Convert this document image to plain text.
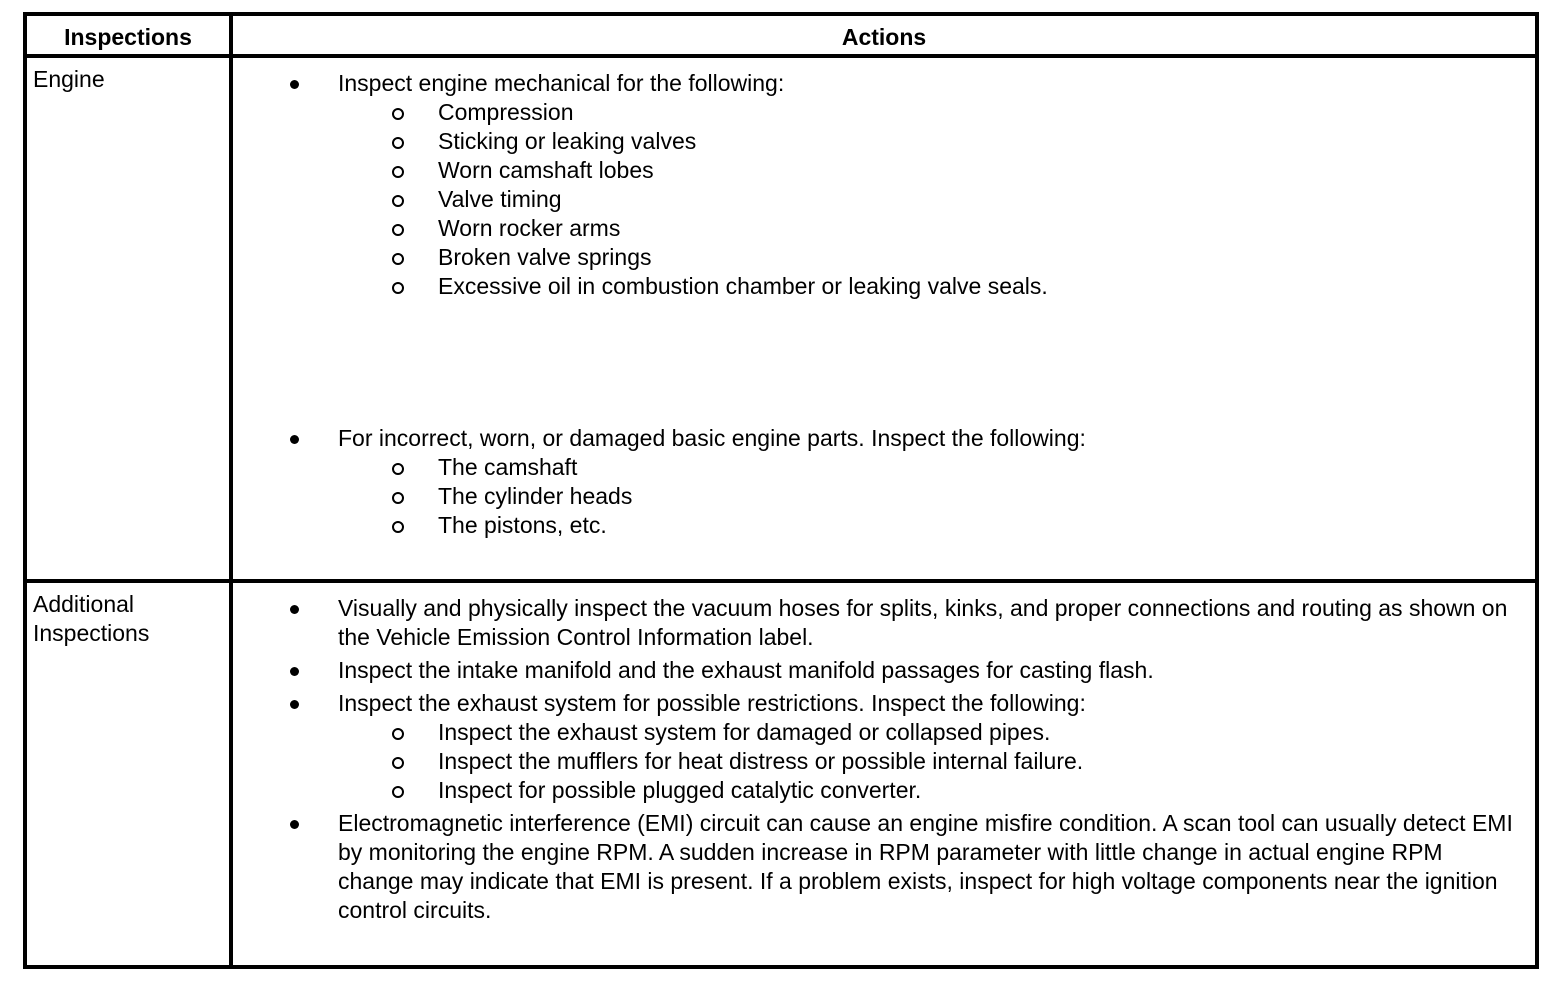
Inspections	Actions
Engine	Inspect engine mechanical for the following:
Compression
Sticking or leaking valves
Worn camshaft lobes
Valve timing
Worn rocker arms
Broken valve springs
Excessive oil in combustion chamber or leaking valve seals.
For incorrect, worn, or damaged basic engine parts. Inspect the following:
The camshaft
The cylinder heads
The pistons, etc.
Additional
Inspections
Visually and physically inspect the vacuum hoses for splits, kinks, and proper connections and routing as shown on the Vehicle Emission Control Information label.
Inspect the intake manifold and the exhaust manifold passages for casting flash.
Inspect the exhaust system for possible restrictions. Inspect the following:
Inspect the exhaust system for damaged or collapsed pipes.
Inspect the mufflers for heat distress or possible internal failure.
Inspect for possible plugged catalytic converter.
Electromagnetic interference (EMI) circuit can cause an engine misfire condition. A scan tool can usually detect EMI by monitoring the engine RPM. A sudden increase in RPM parameter with little change in actual engine RPM change may indicate that EMI is present. If a problem exists, inspect for high voltage components near the ignition control circuits.
